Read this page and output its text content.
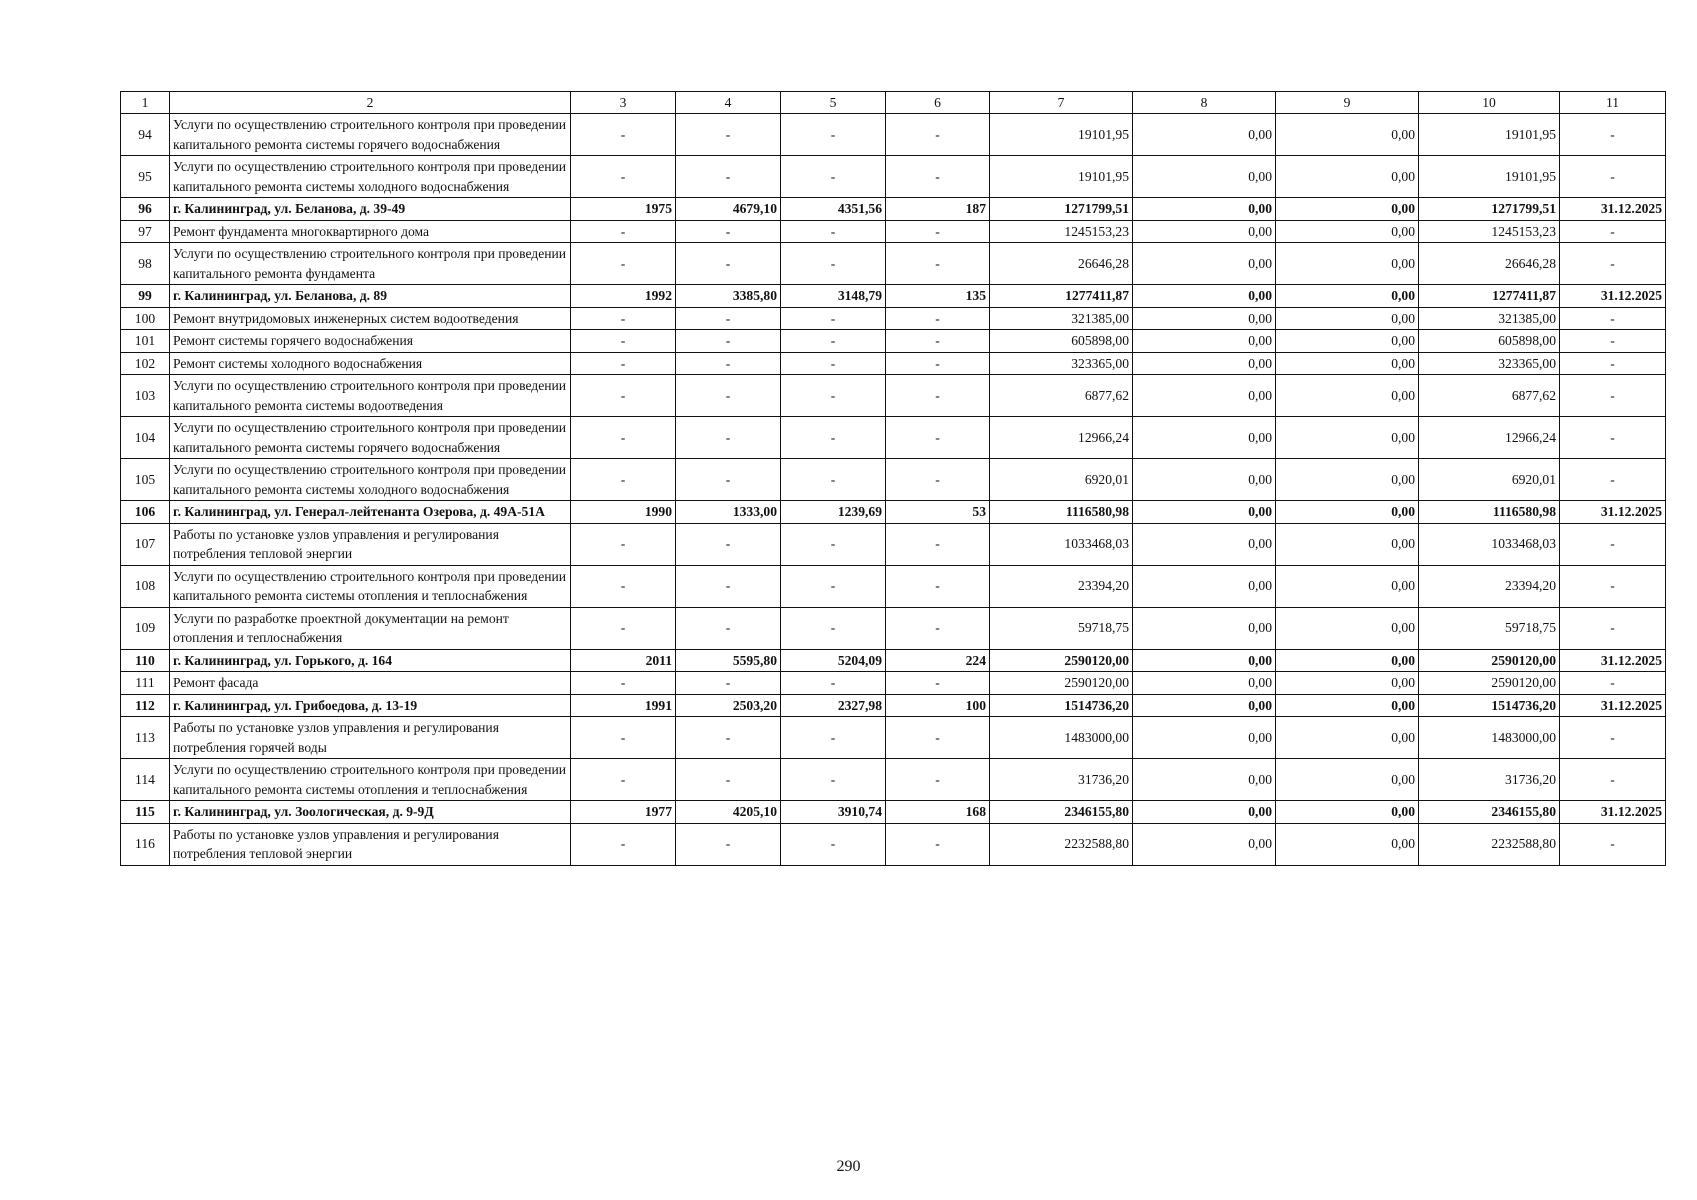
1	2	3	4	5	6	7	8	9	10	11
94	Услуги по осуществлению строительного контроля при проведении капитального ремонта системы горячего водоснабжения	-	-	-	-	19101,95	0,00	0,00	19101,95	-
95	Услуги по осуществлению строительного контроля при проведении капитального ремонта системы холодного водоснабжения	-	-	-	-	19101,95	0,00	0,00	19101,95	-
96	г. Калининград, ул. Беланова, д. 39-49	1975	4679,10	4351,56	187	1271799,51	0,00	0,00	1271799,51	31.12.2025
97	Ремонт фундамента многоквартирного дома	-	-	-	-	1245153,23	0,00	0,00	1245153,23	-
98	Услуги по осуществлению строительного контроля при проведении капитального ремонта фундамента	-	-	-	-	26646,28	0,00	0,00	26646,28	-
99	г. Калининград, ул. Беланова, д. 89	1992	3385,80	3148,79	135	1277411,87	0,00	0,00	1277411,87	31.12.2025
100	Ремонт внутридомовых инженерных систем водоотведения	-	-	-	-	321385,00	0,00	0,00	321385,00	-
101	Ремонт системы горячего водоснабжения	-	-	-	-	605898,00	0,00	0,00	605898,00	-
102	Ремонт системы холодного водоснабжения	-	-	-	-	323365,00	0,00	0,00	323365,00	-
103	Услуги по осуществлению строительного контроля при проведении капитального ремонта системы водоотведения	-	-	-	-	6877,62	0,00	0,00	6877,62	-
104	Услуги по осуществлению строительного контроля при проведении капитального ремонта системы горячего водоснабжения	-	-	-	-	12966,24	0,00	0,00	12966,24	-
105	Услуги по осуществлению строительного контроля при проведении капитального ремонта системы холодного водоснабжения	-	-	-	-	6920,01	0,00	0,00	6920,01	-
106	г. Калининград, ул. Генерал-лейтенанта Озерова, д. 49А-51А	1990	1333,00	1239,69	53	1116580,98	0,00	0,00	1116580,98	31.12.2025
107	Работы по установке узлов управления и регулирования потребления тепловой энергии	-	-	-	-	1033468,03	0,00	0,00	1033468,03	-
108	Услуги по осуществлению строительного контроля при проведении капитального ремонта системы отопления и теплоснабжения	-	-	-	-	23394,20	0,00	0,00	23394,20	-
109	Услуги по разработке проектной документации на ремонт отопления и теплоснабжения	-	-	-	-	59718,75	0,00	0,00	59718,75	-
110	г. Калининград, ул. Горького, д. 164	2011	5595,80	5204,09	224	2590120,00	0,00	0,00	2590120,00	31.12.2025
111	Ремонт фасада	-	-	-	-	2590120,00	0,00	0,00	2590120,00	-
112	г. Калининград, ул. Грибоедова, д. 13-19	1991	2503,20	2327,98	100	1514736,20	0,00	0,00	1514736,20	31.12.2025
113	Работы по установке узлов управления и регулирования потребления горячей воды	-	-	-	-	1483000,00	0,00	0,00	1483000,00	-
114	Услуги по осуществлению строительного контроля при проведении капитального ремонта системы отопления и теплоснабжения	-	-	-	-	31736,20	0,00	0,00	31736,20	-
115	г. Калининград, ул. Зоологическая, д. 9-9Д	1977	4205,10	3910,74	168	2346155,80	0,00	0,00	2346155,80	31.12.2025
116	Работы по установке узлов управления и регулирования потребления тепловой энергии	-	-	-	-	2232588,80	0,00	0,00	2232588,80	-
290
